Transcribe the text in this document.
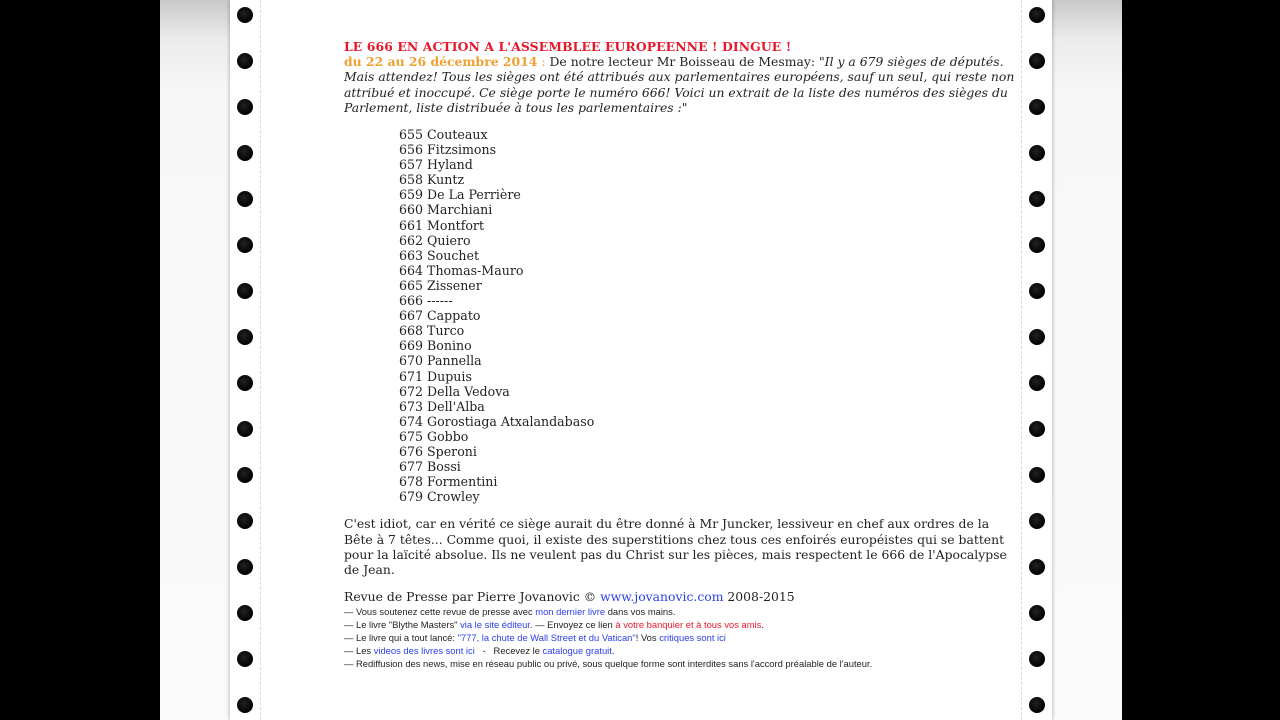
LE 666 EN ACTION A L'ASSEMBLEE EUROPEENNE ! DINGUE !

du 22 au 26 décembre 2014 : De notre lecteur Mr Boisseau de Mesmay: "Il y a 679 sièges de députés. Mais attendez! Tous les sièges ont été attribués aux parlementaires européens, sauf un seul, qui reste non attribué et inoccupé. Ce siège porte le numéro 666! Voici un extrait de la liste des numéros des sièges du Parlement, liste distribuée à tous les parlementaires :"

655 Couteaux
656 Fitzsimons
657 Hyland
658 Kuntz
659 De La Perrière
660 Marchiani
661 Montfort
662 Quiero
663 Souchet
664 Thomas-Mauro
665 Zissener
666 ------
667 Cappato
668 Turco
669 Bonino
670 Pannella
671 Dupuis
672 Della Vedova
673 Dell'Alba
674 Gorostiaga Atxalandabaso
675 Gobbo
676 Speroni
677 Bossi
678 Formentini
679 Crowley

C'est idiot, car en vérité ce siège aurait du être donné à Mr Juncker, lessiveur en chef aux ordres de la Bête à 7 têtes... Comme quoi, il existe des superstitions chez tous ces enfoirés européistes qui se battent pour la laïcité absolue. Ils ne veulent pas du Christ sur les pièces, mais respectent le 666 de l'Apocalypse de Jean.

Revue de Presse par Pierre Jovanovic © www.jovanovic.com 2008-2015
— Vous soutenez cette revue de presse avec mon dernier livre dans vos mains.
— Le livre "Blythe Masters" via le site éditeur. — Envoyez ce lien à votre banquier et à tous vos amis.
— Le livre qui a tout lancé: "777, la chute de Wall Street et du Vatican"! Vos critiques sont ici
— Les videos des livres sont ici   -   Recevez le catalogue gratuit.
— Rediffusion des news, mise en réseau public ou privé, sous quelque forme sont interdites sans l'accord préalable de l'auteur.
